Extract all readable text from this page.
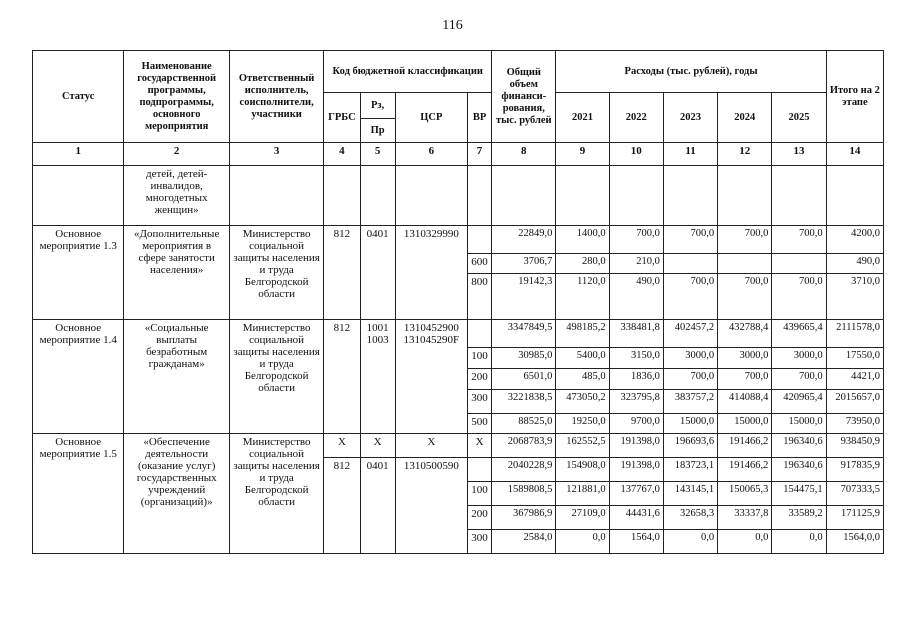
116
Статус	Наименование государственной программы, подпрограммы, основного мероприятия	Ответственный исполнитель, соисполнители, участники	Код бюджетной классификации				Общий объем финанси-рования, тыс. рублей	Расходы (тыс. рублей), годы					Итого на 2 этапе
			ГРБС	Рз,	ЦСР	ВР		2021	2022	2023	2024	2025	
				Пр									
1	2	3	4	5	6	7	8	9	10	11	12	13	14
	детей, детей-инвалидов, многодетных женщин»												
Основное мероприятие 1.3	«Дополнительные мероприятия в сфере занятости населения»	Министерство социальной защиты населения и труда Белгородской области	812	0401	1310329990		22849,0	1400,0	700,0	700,0	700,0	700,0	4200,0
						600	3706,7	280,0	210,0				490,0
						800	19142,3	1120,0	490,0	700,0	700,0	700,0	3710,0
Основное мероприятие 1.4	«Социальные выплаты безработным гражданам»	Министерство социальной защиты населения и труда Белгородской области	812	1001 1003	1310452900 131045290F		3347849,5	498185,2	338481,8	402457,2	432788,4	439665,4	2111578,0
						100	30985,0	5400,0	3150,0	3000,0	3000,0	3000,0	17550,0
						200	6501,0	485,0	1836,0	700,0	700,0	700,0	4421,0
						300	3221838,5	473050,2	323795,8	383757,2	414088,4	420965,4	2015657,0
						500	88525,0	19250,0	9700,0	15000,0	15000,0	15000,0	73950,0
Основное мероприятие 1.5	«Обеспечение деятельности (оказание услуг) государственных учреждений (организаций)»	Министерство социальной защиты населения и труда Белгородской области	Х	Х	Х	Х	2068783,9	162552,5	191398,0	196693,6	191466,2	196340,6	938450,9
			812	0401	1310500590		2040228,9	154908,0	191398,0	183723,1	191466,2	196340,6	917835,9
						100	1589808,5	121881,0	137767,0	143145,1	150065,3	154475,1	707333,5
						200	367986,9	27109,0	44431,6	32658,3	33337,8	33589,2	171125,9
						300	2584,0	0,0	1564,0	0,0	0,0	0,0	1564,0,0
